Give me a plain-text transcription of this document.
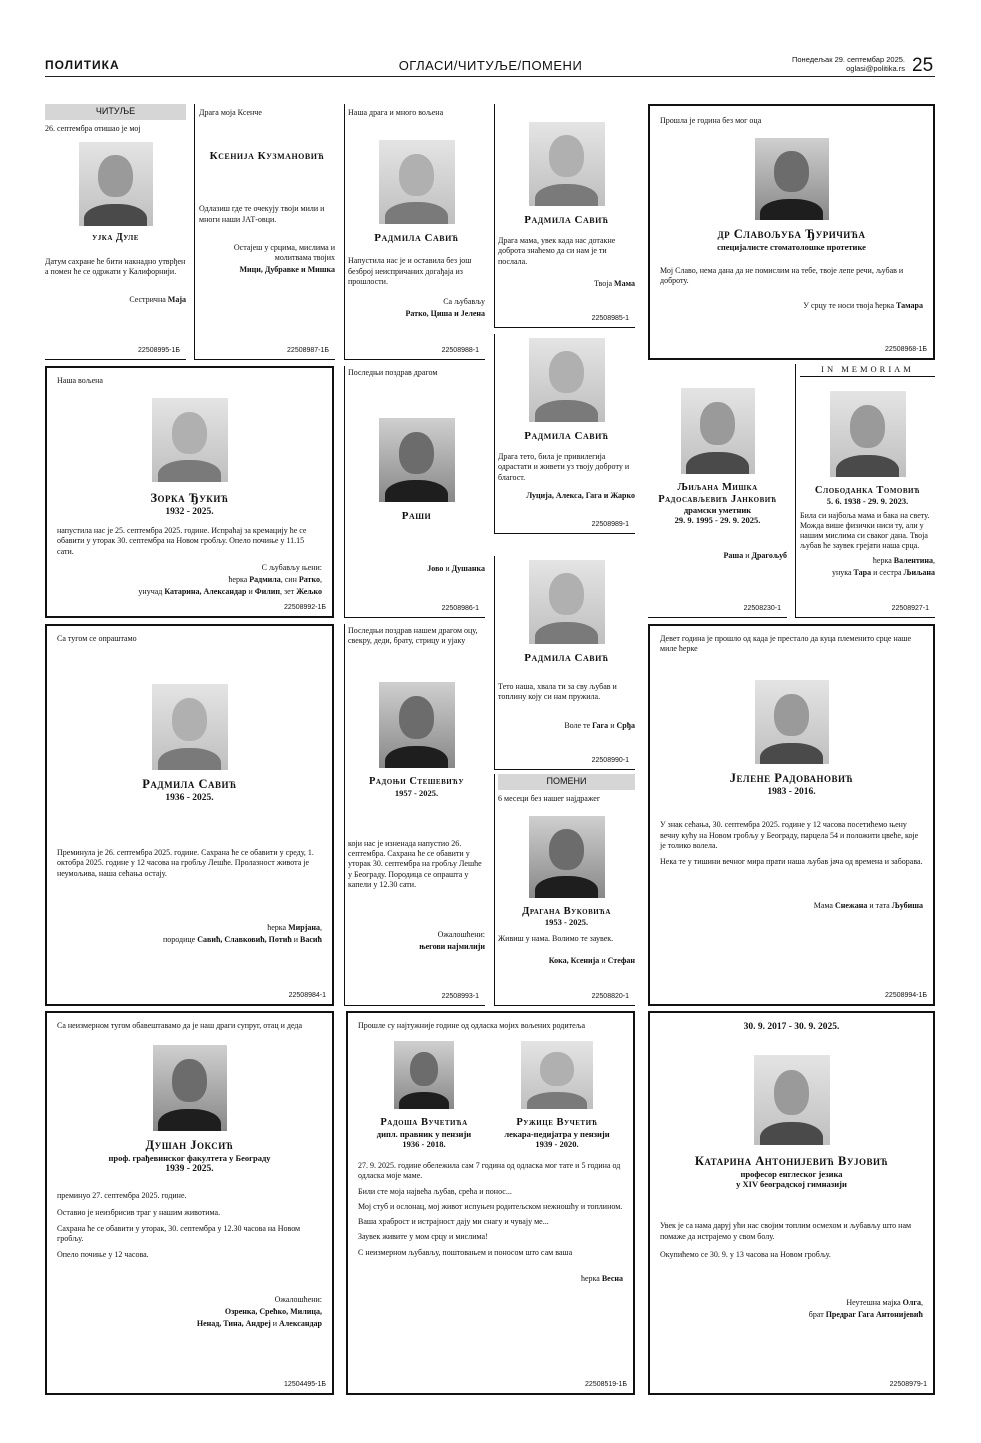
ПОЛИТИКА	ОГЛАСИ/ЧИТУЉЕ/ПОМЕНИ	Понедељак 29. септембар 2025.
oglasi@politika.rs 25
ЧИТУЉЕ
26. септембра отишао је мој
ујка Дуле
Датум сахране ће бити накнадно утврђен а помен ће се одржати у Калифорнији.
Сестрична Маја
22508995-1Б
Драга моја Ксенче
Ксенија Кузмановић
Одлазиш где те очекују твоји мили и многи наши ЈАТ-овци.
Остајеш у срцима, мислима и молитвама твојих
Мици, Дубравке и Мишка
22508987-1Б
Наша драга и много вољена
Радмила Савић
Напустила нас је и оставила без још безброј неиспричаних догађаја из прошлости.
Са љубављу
Ратко, Циша и Јелена
22508988-1
Радмила Савић
Драга мама, увек када нас дотакне доброта знаћемо да си нам је ти послала.
Твоја Мама
22508985-1
Прошла је година без мог оца
др Славољуба Ђуричића
специјалисте стоматолошке протетике
Мој Славо, нема дана да не помислим на тебе, твоје лепе речи, љубав и доброту.
У срцу те носи твоја ћерка Тамара
22508968-1Б
Наша вољена
Зорка Ђукић
1932 - 2025.
напустила нас је 25. септембра 2025. године. Испраћај за кремацију ће се обавити у уторак 30. септембра на Новом гробљу. Опело почиње у 11.15 сати.
С љубављу њени:
ћерка Радмила, син Ратко,
унучад Катарина, Александар и Филип, зет Жељко
22508992-1Б
Последњи поздрав драгом
Раши
Јово и Душанка
22508986-1
Радмила Савић
Драга тето, била је привилегија одрастати и живети уз твоју доброту и благост.
Луција, Алекса, Гага и Жарко
22508989-1
Љиљана Мишка Радосављевић Јанковић
драмски уметник
29. 9. 1995 - 29. 9. 2025.
Раша и Драгољуб
22508230-1
IN MEMORIAM
Слободанка Томовић
5. 6. 1938 - 29. 9. 2023.
Била си најбоља мама и бака на свету. Можда више физички ниси ту, али у нашим мислима си сваког дана. Твоја љубав ће заувек грејати наша срца.
ћерка Валентина,
унука Тара и сестра Љиљана
22508927-1
Са тугом се опраштамо
Радмила Савић
1936 - 2025.
Преминула је 26. септембра 2025. године. Сахрана ће се обавити у среду, 1. октобра 2025. године у 12 часова на гробљу Лешће. Пролазност живота је неумољива, наша сећања остају.
ћерка Мирјана,
породице Савић, Славковић, Потић и Васић
22508984-1
Последњи поздрав нашем драгом оцу, свекру, деди, брату, стрицу и ујаку
Радоњи Стешевићу
1957 - 2025.
који нас је изненада напустио 26. септембра. Сахрана ће се обавити у уторак 30. септембра на гробљу Лешће у Београду. Породица се опрашта у капели у 12.30 сати.
Ожалошћени:
његови најмилији
22508993-1
Радмила Савић
Тето наша, хвала ти за сву љубав и топлину коју си нам пружила.
Воле те Гага и Срђа
22508990-1
ПОМЕНИ
6 месеци без нашег најдражег
Драгана Вуковића
1953 - 2025.
Живиш у нама. Волимо те заувек.
Кока, Ксенија и Стефан
22508820-1
Девет година је прошло од када је престало да куца племенито срце наше миле ћерке
Јелене Радовановић
1983 - 2016.
У знак сећања, 30. септембра 2025. године у 12 часова посетићемо њену вечну кућу на Новом гробљу у Београду, парцела 54 и положити цвеће, које је толико волела.
Нека те у тишини вечног мира прати наша љубав јача од времена и заборава.
Мама Снежана и тата Љубиша
22508994-1Б
Са неизмерном тугом обавештавамо да је наш драги супруг, отац и деда
Душан Јоксић
проф. грађевинског факултета у Београду
1939 - 2025.
преминуо 27. септембра 2025. године.
Оставио је неизбрисив траг у нашим животима.
Сахрана ће се обавити у уторак, 30. септембра у 12.30 часова на Новом гробљу.
Опело почиње у 12 часова.
Ожалошћени:
Озренка, Срећко, Милица,
Ненад, Тина, Андреј и Александар
12504495-1Б
Прошле су најтужније године од одласка мојих вољених родитеља
Радоша Вучетића
дипл. правник у пензији
1936 - 2018.
Ружице Вучетић
лекара-педијатра у пензији
1939 - 2020.
27. 9. 2025. године обележила сам 7 година од одласка мог тате и 5 година од одласка моје маме.
Били сте моја највећа љубав, срећа и понос...
Мој стуб и ослонац, мој живот испуњен родитељском нежношћу и топлином.
Ваша храброст и истрајност дају ми снагу и чувају ме...
Заувек живите у мом срцу и мислима!
С неизмерном љубављу, поштовањем и поносом што сам ваша
ћерка Весна
22508519-1Б
30. 9. 2017 - 30. 9. 2025.
Катарина Антонијевић Вујовић
професор енглеског језика
у XIV београдској гимназији
Увек је са нама даруј ући нас својим топлим осмехом и љубављу што нам помаже да истрајемо у свом болу.
Окупићемо се 30. 9. у 13 часова на Новом гробљу.
Неутешна мајка Олга,
брат Предраг Гага Антонијевић
22508979-1
